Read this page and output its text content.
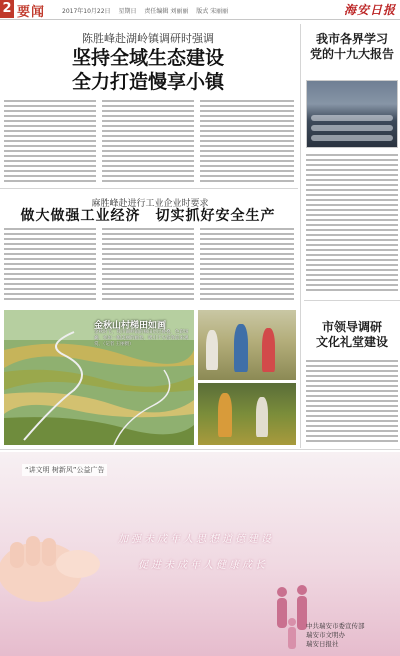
2 要闻	2017年10月22日 星期日 责任编辑 刘丽丽 版式 宋丽丽	海安日报
陈胜峰赴湖岭镇调研时强调
坚持全域生态建设
全力打造慢享小镇
麻胜峰赴进行工业企业时要求
做大做强工业经济　切实抓好安全生产
金秋山村梯田如画
金秋时节，我市湖岭镇的梯田层层叠叠，色彩斑斓，宛如一幅美丽的画卷，吸引不少游客前来观赏。（记者 王丽摄）
我市各界学习
党的十九大报告
市领导调研
文化礼堂建设
“讲文明 树新风”公益广告
加强未成年人思想道德建设
促进未成年人健康成长
中共瑞安市委宣传部
瑞安市文明办
瑞安日报社
